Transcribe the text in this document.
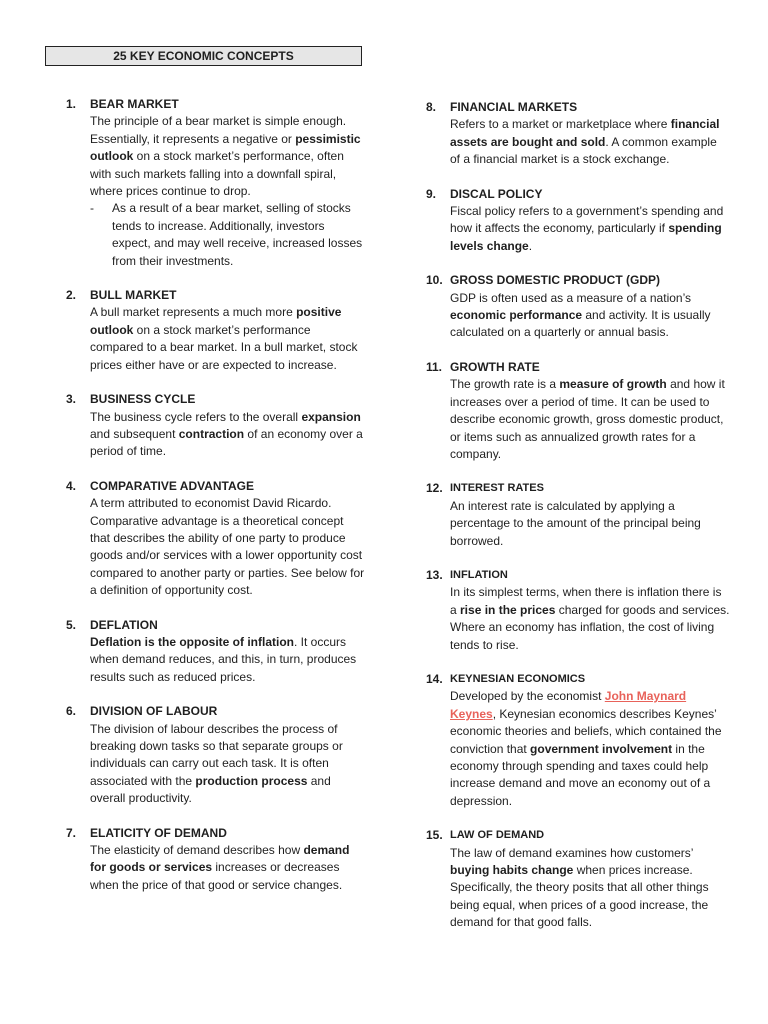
25 KEY ECONOMIC CONCEPTS
1. BEAR MARKET
The principle of a bear market is simple enough. Essentially, it represents a negative or pessimistic outlook on a stock market’s performance, often with such markets falling into a downfall spiral, where prices continue to drop.
- As a result of a bear market, selling of stocks tends to increase. Additionally, investors expect, and may well receive, increased losses from their investments.
2. BULL MARKET
A bull market represents a much more positive outlook on a stock market’s performance compared to a bear market. In a bull market, stock prices either have or are expected to increase.
3. BUSINESS CYCLE
The business cycle refers to the overall expansion and subsequent contraction of an economy over a period of time.
4. COMPARATIVE ADVANTAGE
A term attributed to economist David Ricardo. Comparative advantage is a theoretical concept that describes the ability of one party to produce goods and/or services with a lower opportunity cost compared to another party or parties. See below for a definition of opportunity cost.
5. DEFLATION
Deflation is the opposite of inflation. It occurs when demand reduces, and this, in turn, produces results such as reduced prices.
6. DIVISION OF LABOUR
The division of labour describes the process of breaking down tasks so that separate groups or individuals can carry out each task. It is often associated with the production process and overall productivity.
7. ELATICITY OF DEMAND
The elasticity of demand describes how demand for goods or services increases or decreases when the price of that good or service changes.
8. FINANCIAL MARKETS
Refers to a market or marketplace where financial assets are bought and sold. A common example of a financial market is a stock exchange.
9. DISCAL POLICY
Fiscal policy refers to a government’s spending and how it affects the economy, particularly if spending levels change.
10. GROSS DOMESTIC PRODUCT (GDP)
GDP is often used as a measure of a nation’s economic performance and activity. It is usually calculated on a quarterly or annual basis.
11. GROWTH RATE
The growth rate is a measure of growth and how it increases over a period of time. It can be used to describe economic growth, gross domestic product, or items such as annualized growth rates for a company.
12. INTEREST RATES
An interest rate is calculated by applying a percentage to the amount of the principal being borrowed.
13. INFLATION
In its simplest terms, when there is inflation there is a rise in the prices charged for goods and services. Where an economy has inflation, the cost of living tends to rise.
14. KEYNESIAN ECONOMICS
Developed by the economist John Maynard Keynes, Keynesian economics describes Keynes’ economic theories and beliefs, which contained the conviction that government involvement in the economy through spending and taxes could help increase demand and move an economy out of a depression.
15. LAW OF DEMAND
The law of demand examines how customers’ buying habits change when prices increase. Specifically, the theory posits that all other things being equal, when prices of a good increase, the demand for that good falls.
